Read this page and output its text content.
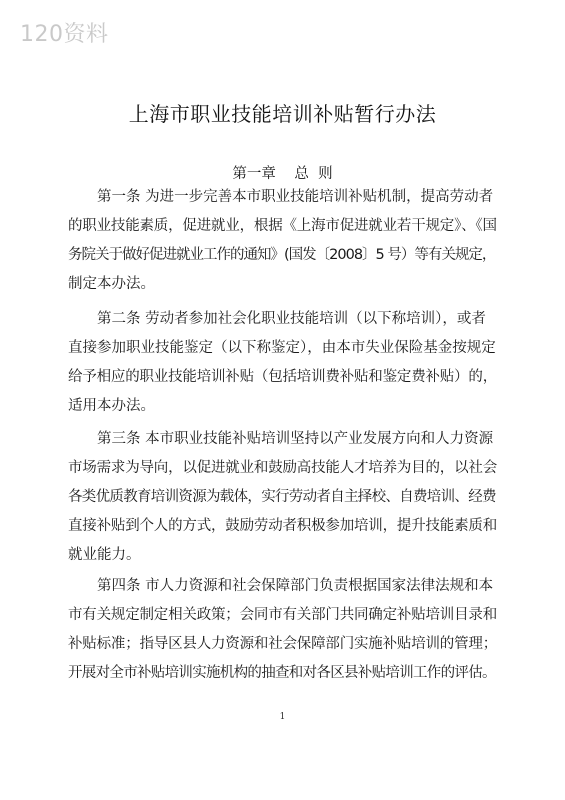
120资料
上海市职业技能培训补贴暂行办法
第一章    总  则
第一条 为进一步完善本市职业技能培训补贴机制，提高劳动者
的职业技能素质，促进就业，根据《上海市促进就业若干规定》、《国
务院关于做好促进就业工作的通知》(国发〔2008〕5 号）等有关规定，
制定本办法。
第二条 劳动者参加社会化职业技能培训（以下称培训），或者
直接参加职业技能鉴定（以下称鉴定），由本市失业保险基金按规定
给予相应的职业技能培训补贴（包括培训费补贴和鉴定费补贴）的，
适用本办法。
第三条 本市职业技能补贴培训坚持以产业发展方向和人力资源
市场需求为导向，以促进就业和鼓励高技能人才培养为目的，以社会
各类优质教育培训资源为载体，实行劳动者自主择校、自费培训、经费
直接补贴到个人的方式，鼓励劳动者积极参加培训，提升技能素质和
就业能力。
第四条 市人力资源和社会保障部门负责根据国家法律法规和本
市有关规定制定相关政策；会同市有关部门共同确定补贴培训目录和
补贴标准；指导区县人力资源和社会保障部门实施补贴培训的管理；
开展对全市补贴培训实施机构的抽查和对各区县补贴培训工作的评估。
1
